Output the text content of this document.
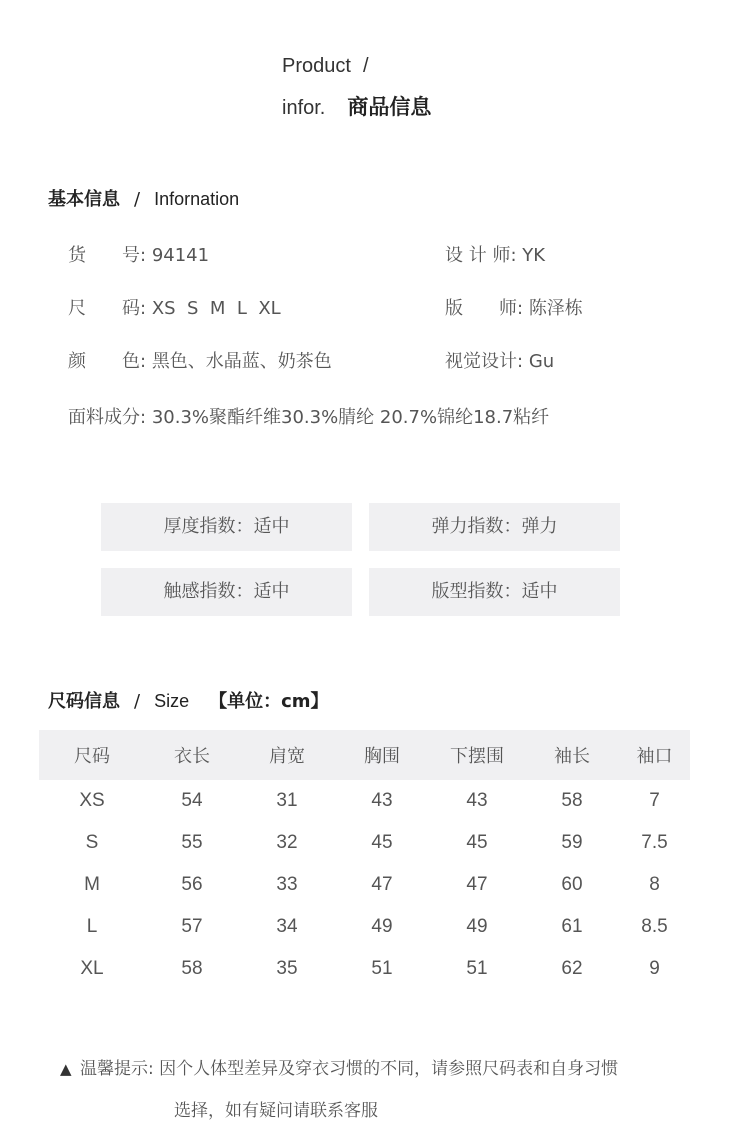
Product /
infor. 商品信息
基本信息 / Infornation
货　　号: 94141	设 计 师: YK
尺　　码: XS  S  M  L  XL	版　　师: 陈泽栋
颜　　色: 黑色、水晶蓝、奶茶色	视觉设计: Gu
面料成分: 30.3%聚酯纤维30.3%腈纶 20.7%锦纶18.7粘纤
厚度指数：适中	弹力指数：弹力
触感指数：适中	版型指数：适中
尺码信息 / Size 【单位：cm】
尺码	衣长	肩宽	胸围	下摆围	袖长	袖口
XS	54	31	43	43	58	7
S	55	32	45	45	59	7.5
M	56	33	47	47	60	8
L	57	34	49	49	61	8.5
XL	58	35	51	51	62	9
▲ 温馨提示: 因个人体型差异及穿衣习惯的不同，请参照尺码表和自身习惯
选择，如有疑问请联系客服
